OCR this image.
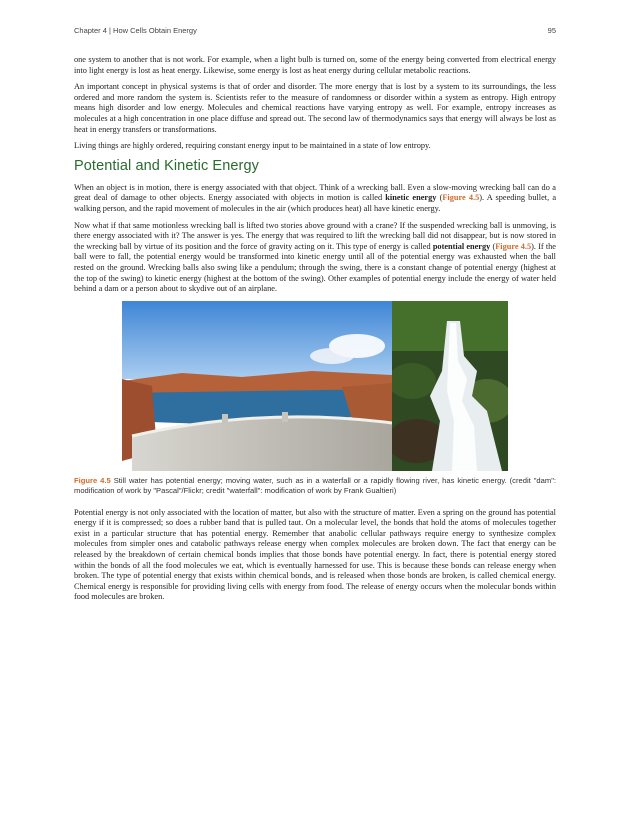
Chapter 4 | How Cells Obtain Energy	95

one system to another that is not work. For example, when a light bulb is turned on, some of the energy being converted from electrical energy into light energy is lost as heat energy. Likewise, some energy is lost as heat energy during cellular metabolic reactions.

An important concept in physical systems is that of order and disorder. The more energy that is lost by a system to its surroundings, the less ordered and more random the system is. Scientists refer to the measure of randomness or disorder within a system as entropy. High entropy means high disorder and low energy. Molecules and chemical reactions have varying entropy as well. For example, entropy increases as molecules at a high concentration in one place diffuse and spread out. The second law of thermodynamics says that energy will always be lost as heat in energy transfers or transformations.

Living things are highly ordered, requiring constant energy input to be maintained in a state of low entropy.

Potential and Kinetic Energy

When an object is in motion, there is energy associated with that object. Think of a wrecking ball. Even a slow-moving wrecking ball can do a great deal of damage to other objects. Energy associated with objects in motion is called kinetic energy (Figure 4.5). A speeding bullet, a walking person, and the rapid movement of molecules in the air (which produces heat) all have kinetic energy.

Now what if that same motionless wrecking ball is lifted two stories above ground with a crane? If the suspended wrecking ball is unmoving, is there energy associated with it? The answer is yes. The energy that was required to lift the wrecking ball did not disappear, but is now stored in the wrecking ball by virtue of its position and the force of gravity acting on it. This type of energy is called potential energy (Figure 4.5). If the ball were to fall, the potential energy would be transformed into kinetic energy until all of the potential energy was exhausted when the ball rested on the ground. Wrecking balls also swing like a pendulum; through the swing, there is a constant change of potential energy (highest at the top of the swing) to kinetic energy (highest at the bottom of the swing). Other examples of potential energy include the energy of water held behind a dam or a person about to skydive out of an airplane.

Figure 4.5 Still water has potential energy; moving water, such as in a waterfall or a rapidly flowing river, has kinetic energy. (credit "dam": modification of work by "Pascal"/Flickr; credit "waterfall": modification of work by Frank Gualtieri)

Potential energy is not only associated with the location of matter, but also with the structure of matter. Even a spring on the ground has potential energy if it is compressed; so does a rubber band that is pulled taut. On a molecular level, the bonds that hold the atoms of molecules together exist in a particular structure that has potential energy. Remember that anabolic cellular pathways require energy to synthesize complex molecules from simpler ones and catabolic pathways release energy when complex molecules are broken down. The fact that energy can be released by the breakdown of certain chemical bonds implies that those bonds have potential energy. In fact, there is potential energy stored within the bonds of all the food molecules we eat, which is eventually harnessed for use. This is because these bonds can release energy when broken. The type of potential energy that exists within chemical bonds, and is released when those bonds are broken, is called chemical energy. Chemical energy is responsible for providing living cells with energy from food. The release of energy occurs when the molecular bonds within food molecules are broken.
